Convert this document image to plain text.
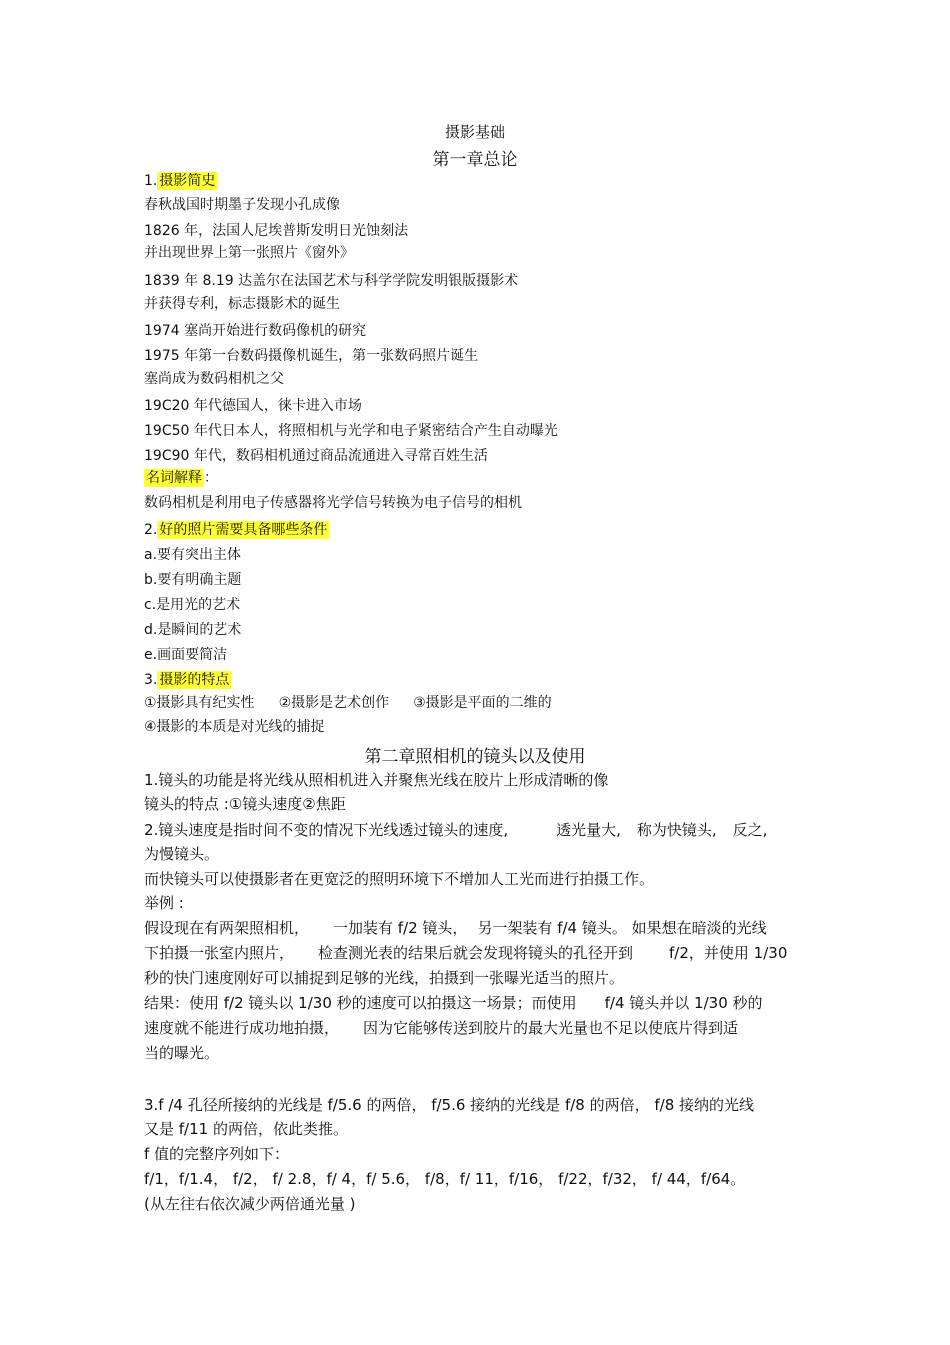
摄影基础
第一章总论
1. 摄影简史
春秋战国时期墨子发现小孔成像
1826 年，法国人尼埃普斯发明日光蚀刻法
并出现世界上第一张照片《窗外》
1839 年 8.19 达盖尔在法国艺术与科学学院发明银版摄影术
并获得专利，标志摄影术的诞生
1974 塞尚开始进行数码像机的研究
1975 年第一台数码摄像机诞生，第一张数码照片诞生
塞尚成为数码相机之父
19C20 年代德国人，徕卡进入市场
19C50 年代日本人，将照相机与光学和电子紧密结合产生自动曝光
19C90 年代，数码相机通过商品流通进入寻常百姓生活
名词解释 ：
数码相机是利用电子传感器将光学信号转换为电子信号的相机
2. 好的照片需要具备哪些条件
a.要有突出主体
b.要有明确主题
c.是用光的艺术
d.是瞬间的艺术
e.画面要简洁
3. 摄影的特点
①摄影具有纪实性 ②摄影是艺术创作 ③摄影是平面的二维的
④摄影的本质是对光线的捕捉
第二章照相机的镜头以及使用
1.镜头的功能是将光线从照相机进入并聚焦光线在胶片上形成清晰的像
镜头的特点 :①镜头速度②焦距
2.镜头速度是指时间不变的情况下光线透过镜头的速度,	透光量大, 称为快镜头, 反之,
为慢镜头。
而快镜头可以使摄影者在更宽泛的照明环境下不增加人工光而进行拍摄工作。
举例 :
假设现在有两架照相机， 一加装有 f/2 镜头， 另一架装有 f/4 镜头。 如果想在暗淡的光线
下拍摄一张室内照片， 检查测光表的结果后就会发现将镜头的孔径开到 f/2，并使用 1/30
秒的快门速度刚好可以捕捉到足够的光线，拍摄到一张曝光适当的照片。
结果：使用 f/2 镜头以 1/30 秒的速度可以拍摄这一场景；而使用 f/4 镜头并以 1/30 秒的
速度就不能进行成功地拍摄， 因为它能够传送到胶片的最大光量也不足以使底片得到适
当的曝光。
3.f /4 孔径所接纳的光线是 f/5.6 的两倍， f/5.6 接纳的光线是 f/8 的两倍， f/8 接纳的光线
又是 f/11 的两倍，依此类推。
f 值的完整序列如下：
f/1，f/1.4， f/2， f/ 2.8，f/ 4，f/ 5.6， f/8，f/ 11，f/16， f/22，f/32， f/ 44，f/64。
(从左往右依次减少两倍通光量 )
